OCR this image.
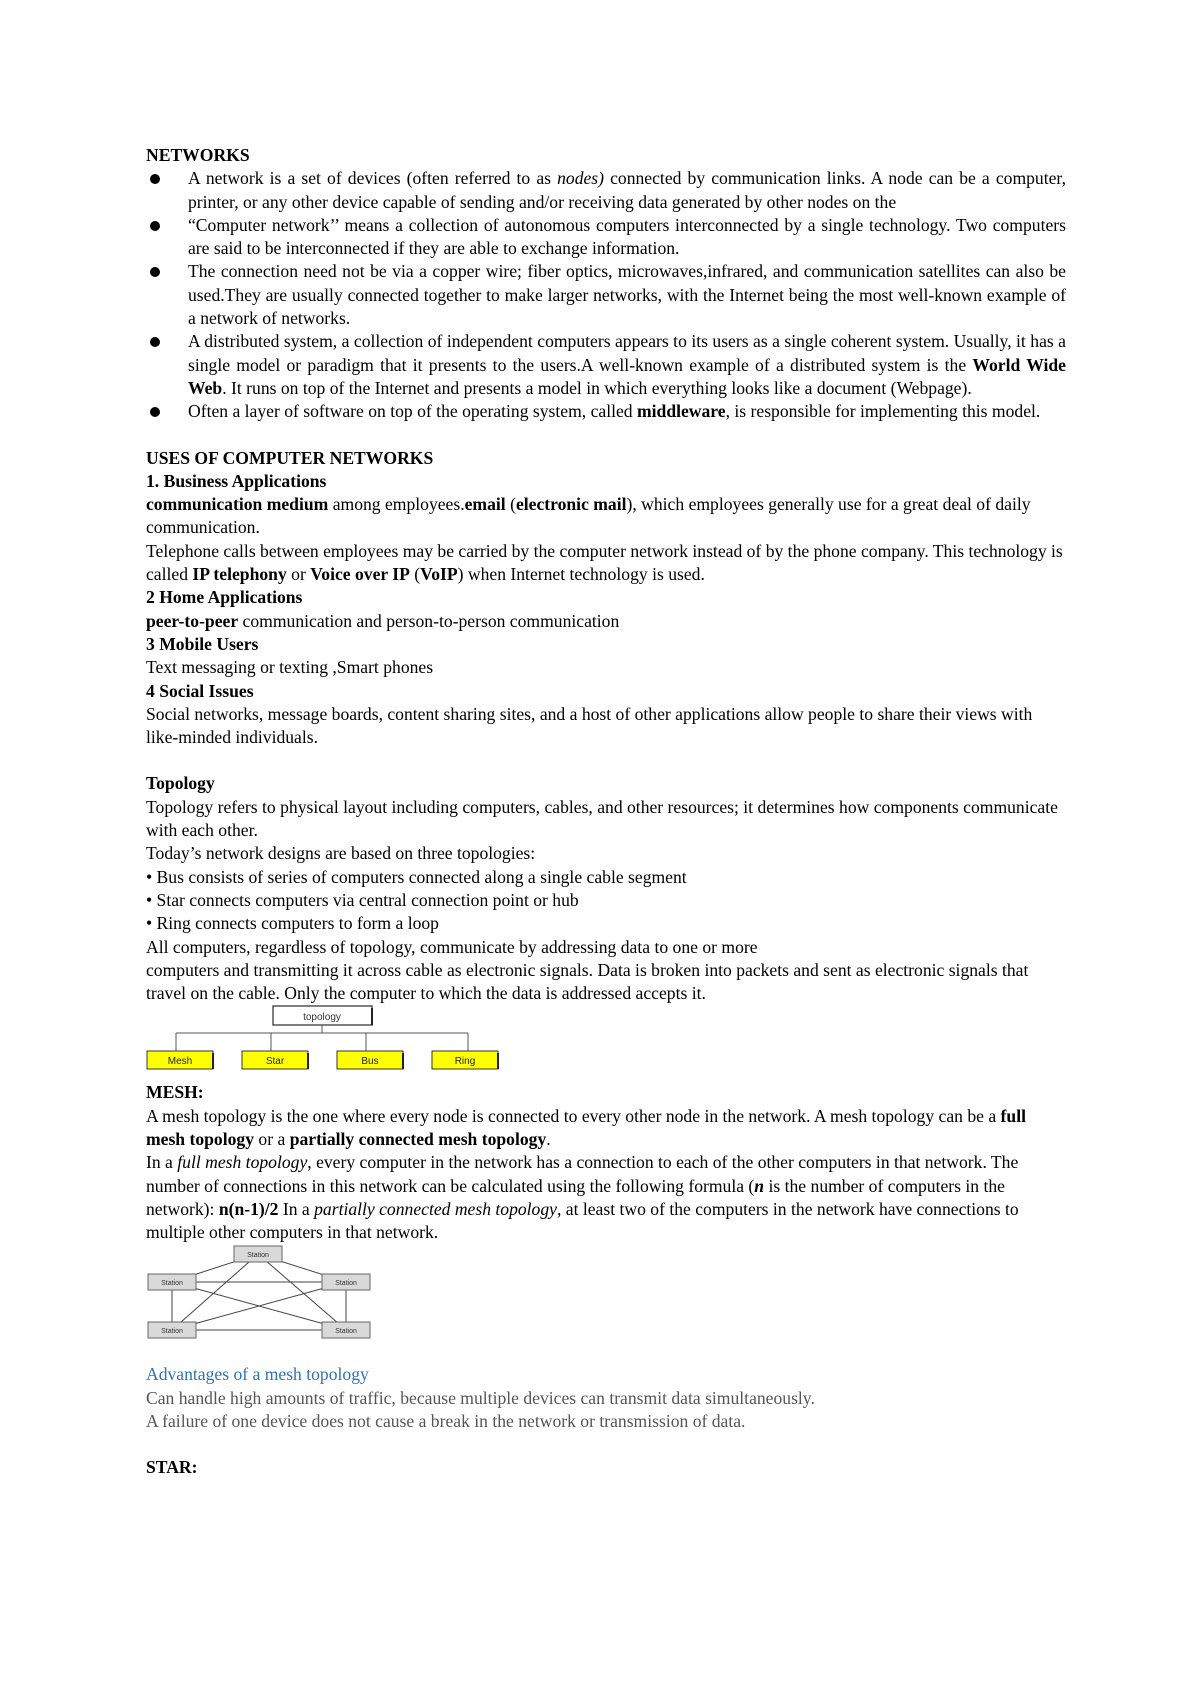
NETWORKS

A network is a set of devices (often referred to as nodes) connected by communication links. A node can be a computer, printer, or any other device capable of sending and/or receiving data generated by other nodes on the
“Computer network’’ means a collection of autonomous computers interconnected by a single technology. Two computers are said to be interconnected if they are able to exchange information.
The connection need not be via a copper wire; fiber optics, microwaves,infrared, and communication satellites can also be used.They are usually connected together to make larger networks, with the Internet being the most well-known example of a network of networks.
A distributed system, a collection of independent computers appears to its users as a single coherent system. Usually, it has a single model or paradigm that it presents to the users.A well-known example of a distributed system is the World Wide Web. It runs on top of the Internet and presents a model in which everything looks like a document (Webpage).
Often a layer of software on top of the operating system, called middleware, is responsible for implementing this model.

USES OF COMPUTER NETWORKS

1. Business Applications

communication medium among employees.email (electronic mail), which employees generally use for a great deal of daily communication.

Telephone calls between employees may be carried by the computer network instead of by the phone company. This technology is called IP telephony or Voice over IP (VoIP) when Internet technology is used.

2 Home Applications

peer-to-peer communication and person-to-person communication

3 Mobile Users

Text messaging or texting ,Smart phones

4 Social Issues

Social networks, message boards, content sharing sites, and a host of other applications allow people to share their views with like-minded individuals.

Topology

Topology refers to physical layout including computers, cables, and other resources; it determines how components communicate with each other.

Today’s network designs are based on three topologies:

• Bus consists of series of computers connected along a single cable segment

• Star connects computers via central connection point or hub

• Ring connects computers to form a loop

All computers, regardless of topology, communicate by addressing data to one or more

computers and transmitting it across cable as electronic signals. Data is broken into packets and sent as electronic signals that travel on the cable. Only the computer to which the data is addressed accepts it.

topology
Mesh	Star	Bus	Ring

MESH:

A mesh topology is the one where every node is connected to every other node in the network. A mesh topology can be a full mesh topology or a partially connected mesh topology.

In a full mesh topology, every computer in the network has a connection to each of the other computers in that network. The number of connections in this network can be calculated using the following formula (n is the number of computers in the network): n(n-1)/2 In a partially connected mesh topology, at least two of the computers in the network have connections to multiple other computers in that network.

Station
Station	Station
Station	Station

Advantages of a mesh topology

Can handle high amounts of traffic, because multiple devices can transmit data simultaneously.

A failure of one device does not cause a break in the network or transmission of data.

STAR:
